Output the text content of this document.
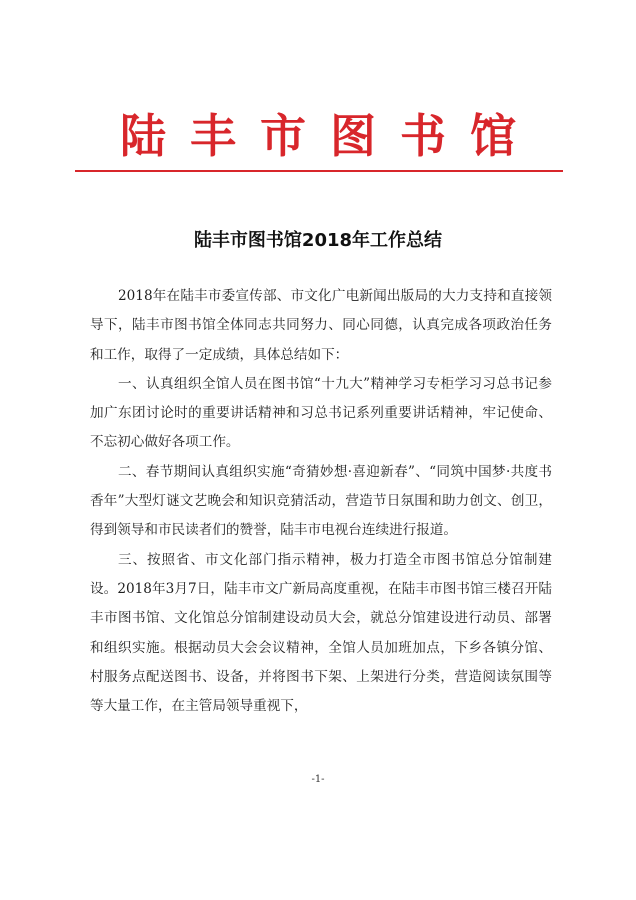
陆丰市图书馆
陆丰市图书馆2018年工作总结

2018年在陆丰市委宣传部、市文化广电新闻出版局的大力支持和直接领导下，陆丰市图书馆全体同志共同努力、同心同德，认真完成各项政治任务和工作，取得了一定成绩，具体总结如下：

一、认真组织全馆人员在图书馆“十九大”精神学习专柜学习习总书记参加广东团讨论时的重要讲话精神和习总书记系列重要讲话精神，牢记使命、不忘初心做好各项工作。

二、春节期间认真组织实施“奇猜妙想·喜迎新春”、“同筑中国梦·共度书香年”大型灯谜文艺晚会和知识竞猜活动，营造节日氛围和助力创文、创卫，得到领导和市民读者们的赞誉，陆丰市电视台连续进行报道。

三、按照省、市文化部门指示精神，极力打造全市图书馆总分馆制建设。2018年3月7日，陆丰市文广新局高度重视，在陆丰市图书馆三楼召开陆丰市图书馆、文化馆总分馆制建设动员大会，就总分馆建设进行动员、部署和组织实施。根据动员大会会议精神，全馆人员加班加点，下乡各镇分馆、村服务点配送图书、设备，并将图书下架、上架进行分类，营造阅读氛围等等大量工作，在主管局领导重视下，

-1-
